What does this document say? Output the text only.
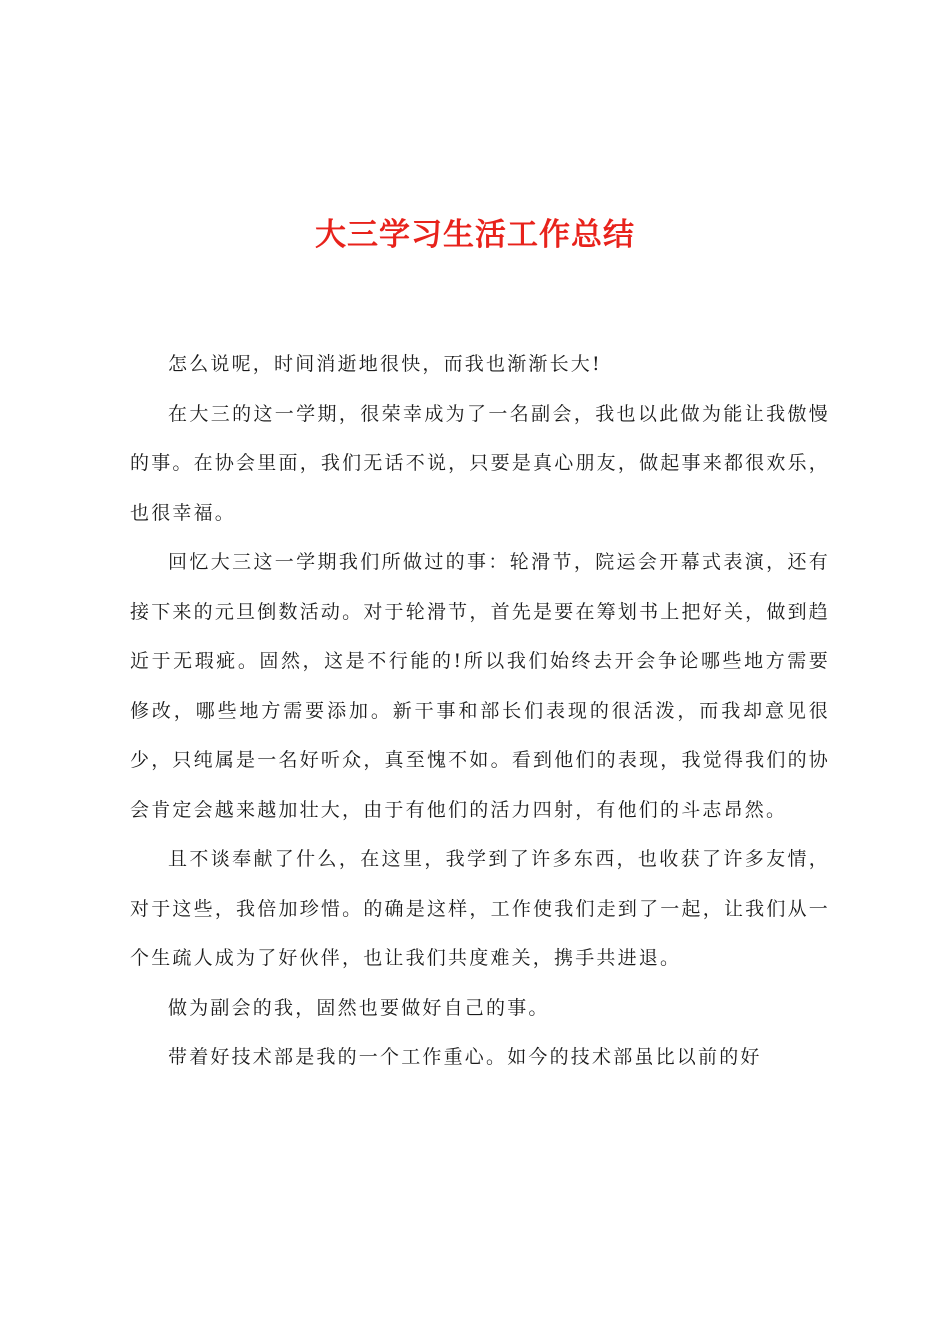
大三学习生活工作总结

怎么说呢，时间消逝地很快，而我也渐渐长大!

在大三的这一学期，很荣幸成为了一名副会，我也以此做为能让我傲慢的事。在协会里面，我们无话不说，只要是真心朋友，做起事来都很欢乐，也很幸福。

回忆大三这一学期我们所做过的事：轮滑节，院运会开幕式表演，还有接下来的元旦倒数活动。对于轮滑节，首先是要在筹划书上把好关，做到趋近于无瑕疵。固然，这是不行能的!所以我们始终去开会争论哪些地方需要修改，哪些地方需要添加。新干事和部长们表现的很活泼，而我却意见很少，只纯属是一名好听众，真至愧不如。看到他们的表现，我觉得我们的协会肯定会越来越加壮大，由于有他们的活力四射，有他们的斗志昂然。

且不谈奉献了什么，在这里，我学到了许多东西，也收获了许多友情，对于这些，我倍加珍惜。的确是这样，工作使我们走到了一起，让我们从一个生疏人成为了好伙伴，也让我们共度难关，携手共进退。

做为副会的我，固然也要做好自己的事。

带着好技术部是我的一个工作重心。如今的技术部虽比以前的好
